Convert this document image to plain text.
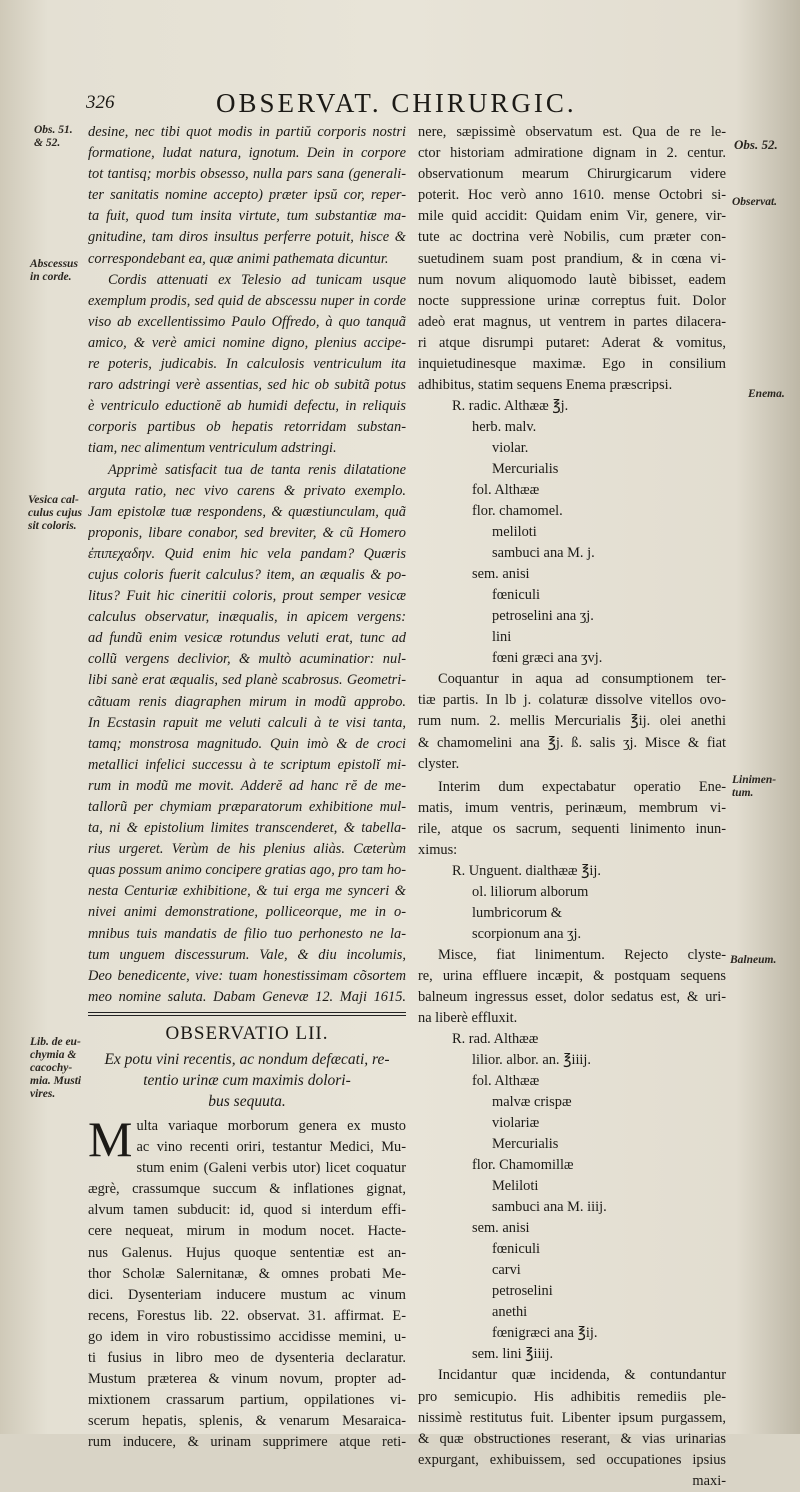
326	OBSERVAT. CHIRURGIC.
Obs. 51.
& 52.
Abscessus
in corde.
Vesica cal-
culus cujus
sit coloris.
Lib. de eu-
chymia &
cacochy-
mia. Musti
vires.
Obs. 52.
Observat.
Enema.
Linimen-
tum.
Balneum.
desine, nec tibi quot modis in partiŭ corporis nostri
formatione, ludat natura, ignotum. Dein in corpore
tot tantisq; morbis obsesso, nulla pars sana (generali-
ter sanitatis nomine accepto) præter ipsŭ cor, reper-
ta fuit, quod tum insita virtute, tum substantiæ ma-
gnitudine, tam diros insultus perferre potuit, hisce &
correspondebant ea, quæ animi pathemata dicuntur.
Cordis attenuati ex Telesio ad tunicam usque
exemplum prodis, sed quid de abscessu nuper in corde
viso ab excellentissimo Paulo Offredo, à quo tanquã
amico, & verè amici nomine digno, plenius accipe-
re poteris, judicabis. In calculosis ventriculum ita
raro adstringi verè assentias, sed hic ob subitã potus
è ventriculo eductionĕ ab humidi defectu, in reliquis
corporis partibus ob hepatis retorridam substan-
tiam, nec alimentum ventriculum adstringi.
Apprimè satisfacit tua de tanta renis dilatatione
arguta ratio, nec vivo carens & privato exemplo.
Jam epistolæ tuæ respondens, & quæstiunculam, quã
proponis, libare conabor, sed breviter, & cũ Homero
ἐπιπεχαδην. Quid enim hic vela pandam? Quæris
cujus coloris fuerit calculus? item, an æqualis & po-
litus? Fuit hic cineritii coloris, prout semper vesicæ
calculus observatur, inæqualis, in apicem vergens:
ad fundũ enim vesicæ rotundus veluti erat, tunc ad
collũ vergens declivior, & multò acuminatior: nul-
libi sanè erat æqualis, sed planè scabrosus. Geometri-
cãtuam renis diagraphen mirum in modũ approbo.
In Ecstasin rapuit me veluti calculi à te visi tanta,
tamq; monstrosa magnitudo. Quin imò & de croci
metallici infelici successu à te scriptum epistolĭ mi-
rum in modũ me movit. Adderĕ ad hanc rĕ de me-
tallorũ per chymiam præparatorum exhibitione mul-
ta, ni & epistolium limites transcenderet, & tabella-
rius urgeret. Verùm de his plenius aliàs. Cæterùm
quas possum animo concipere gratias ago, pro tam ho-
nesta Centuriæ exhibitione, & tui erga me synceri &
nivei animi demonstratione, polliceorque, me in o-
mnibus tuis mandatis de filio tuo perhonesto ne la-
tum unguem discessurum. Vale, & diu incolumis,
Deo benedicente, vive: tuam honestissimam cõsortem
meo nomine saluta. Dabam Genevæ 12. Maji 1615.
OBSERVATIO LII.
Ex potu vini recentis, ac nondum defæcati, re-
tentio urinæ cum maximis dolori-
bus sequuta.
M ulta variaque morborum genera ex musto
ac vino recenti oriri, testantur Medici, Mu-
stum enim (Galeni verbis utor) licet coquatur
ægrè, crassumque succum & inflationes gignat,
alvum tamen subducit: id, quod si interdum effi-
cere nequeat, mirum in modum nocet. Hacte-
nus Galenus. Hujus quoque sententiæ est an-
thor Scholæ Salernitanæ, & omnes probati Me-
dici. Dysenteriam inducere mustum ac vinum
recens, Forestus lib. 22. observat. 31. affirmat. E-
go idem in viro robustissimo accidisse memini, u-
ti fusius in libro meo de dysenteria declaratur.
Mustum præterea & vinum novum, propter ad-
mixtionem crassarum partium, oppilationes vi-
scerum hepatis, splenis, & venarum Mesaraica-
rum inducere, & urinam supprimere atque reti-
nere, sæpissimè observatum est. Qua de re le-
ctor historiam admiratione dignam in 2. centur.
observationum mearum Chirurgicarum videre
poterit. Hoc verò anno 1610. mense Octobri si-
mile quid accidit: Quidam enim Vir, genere, vir-
tute ac doctrina verè Nobilis, cum præter con-
suetudinem suam post prandium, & in cœna vi-
num novum aliquomodo lautè bibisset, eadem
nocte suppressione urinæ correptus fuit. Dolor
adeò erat magnus, ut ventrem in partes dilacera-
ri atque disrumpi putaret: Aderat & vomitus,
inquietudinesque maximæ. Ego in consilium
adhibitus, statim sequens Enema præscripsi.
R. radic. Althææ ℥j.
herb. malv.
violar.
Mercurialis
fol. Althææ
flor. chamomel.
meliloti
sambuci ana M. j.
sem. anisi
fœniculi
petroselini ana ʒj.
lini
fœni græci ana ʒvj.
Coquantur in aqua ad consumptionem ter-
tiæ partis. In lb j. colaturæ dissolve vitellos ovo-
rum num. 2. mellis Mercurialis ℥ij. olei anethi
& chamomelini ana ℥j. ß. salis ʒj. Misce & fiat
clyster.
Interim dum expectabatur operatio Ene-
matis, imum ventris, perinæum, membrum vi-
rile, atque os sacrum, sequenti linimento inun-
ximus:
R. Unguent. dialthææ ℥ij.
ol. liliorum alborum
lumbricorum &
scorpionum ana ʒj.
Misce, fiat linimentum. Rejecto clyste-
re, urina effluere incæpit, & postquam sequens
balneum ingressus esset, dolor sedatus est, & uri-
na liberè effluxit.
R. rad. Althææ
lilior. albor. an. ℥iiij.
fol. Althææ
malvæ crispæ
violariæ
Mercurialis
flor. Chamomillæ
Meliloti
sambuci ana M. iiij.
sem. anisi
fœniculi
carvi
petroselini
anethi
fœnigræci ana ℥ij.
sem. lini ℥iiij.
Incidantur quæ incidenda, & contundantur
pro semicupio. His adhibitis remediis ple-
nissimè restitutus fuit. Libenter ipsum purgassem,
& quæ obstructiones reserant, & vias urinarias
expurgant, exhibuissem, sed occupationes ipsius
maxi-
